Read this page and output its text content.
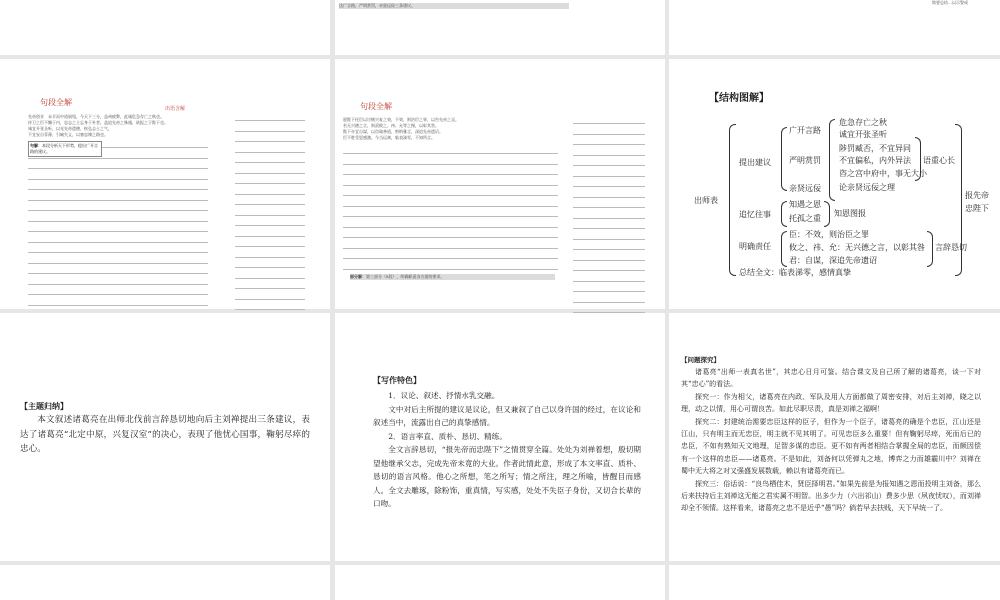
达广言路，严明赏罚，亲贤远佞三条建议。
简要总结…以示警戒
句段全解
出语含解
先帝创业　未半而中道崩殂，今天下三分，益州疲弊，此诚危急存亡之秋也。
侍卫之臣不懈于内，忠志之士忘身于外者，盖追先帝之殊遇，欲报之于陛下也。
诚宜开张圣听，以光先帝遗德，恢弘志士之气，
不宜妄自菲薄，引喻失义，以塞忠谏之路也。
句解：本段分析天下形势，提出广开言路的建议。
句段全解
愿陛下托臣以讨贼兴复之效，不效，则治臣之罪，以告先帝之灵。
若无兴德之言，则责攸之、祎、允等之慢，以彰其咎。
陛下亦宜自谋，以咨诹善道，察纳雅言，深追先帝遗诏。
臣不胜受恩感激。今当远离，临表涕零，不知所言。
部分解：第三部分（8段），明确职责各方面的要求。
【结构图解】
出师表
提出建议
广开言路
严明赏罚
亲贤远佞
危急存亡之秋
诚宜开张圣听
陟罚臧否，不宜异同
不宜偏私，内外异法
咨之宫中府中，事无大小
论亲贤远佞之理
语重心长
追忆往事
知遇之恩
托孤之重
知恩图报
明确责任
臣：不效，则治臣之罪
攸之、祎、允：无兴德之言，以彰其咎
君：自谋，深追先帝遗诏
言辞恳切
总结全文：临表涕零，感情真挚
报先帝　忠陛下
【主题归纳】

本文叙述诸葛亮在出师北伐前言辞恳切地向后主刘禅提出三条建议，表达了诸葛亮“北定中原，兴复汉室”的决心，表现了他忧心国事，鞠躬尽瘁的忠心。

【写作特色】

1．议论、叙述、抒情水乳交融。

文中对后主所提的建议是议论，但又兼叙了自己以身许国的经过，在议论和叙述当中，流露出自己的真挚感情。

2．语言率直、质朴、恳切、精练。

全文言辞恳切，“报先帝而忠陛下”之情贯穿全篇。处处为刘禅着想，殷切期望他继承父志，完成先帝未竟的大业。作者此情此意，形成了本文率直、质朴、恳切的语言风格。他心之所想，笔之所写；情之所注，理之所喻，皆醒目而感人。全文去雕琢，除粉饰，重真情，写实感，处处不失臣子身份，又切合长辈的口吻。

【问题探究】

诸葛亮“出师一表真名世”，其忠心日月可鉴。结合课文及自己所了解的诸葛亮，谈一下对其“忠心”的看法。

探究一：作为相父，诸葛亮在内政、军队及用人方面都做了周密安排，对后主刘禅，晓之以理，动之以情，用心可谓良苦。如此尽职尽责，真是刘禅之福啊！

探究二：封建统治需要忠臣这样的臣子，但作为一个臣子，诸葛亮的确是个忠臣，江山还是江山，只有明主而无忠臣，明主就不见其明了。可见忠臣多么重要！但有鞠躬尽瘁，死而后已的忠臣，不如有熟知天文地理，足智多谋的忠臣。更不如有两者相结合掌握全局的忠臣，而颇因偿有一个这样的忠臣——诸葛亮。不是如此，刘备何以凭弹丸之地，博弈之力而雄霸川中？刘禅在蜀中无大将之对又强盛发展数载，赖以有诸葛亮而已。

探究三：俗话说：“良鸟栖佳木，贤臣择明君。”如果先前是为报知遇之恩而投明主刘备，那么后来扶持后主刘禅这无能之君实属不明智。出多少力（六出祁山）费多少思（夙夜忧叹），而刘禅却全不领情。这样看来，诸葛亮之忠不是近乎“愚”吗？倘若早去扶贱，天下早统一了。
